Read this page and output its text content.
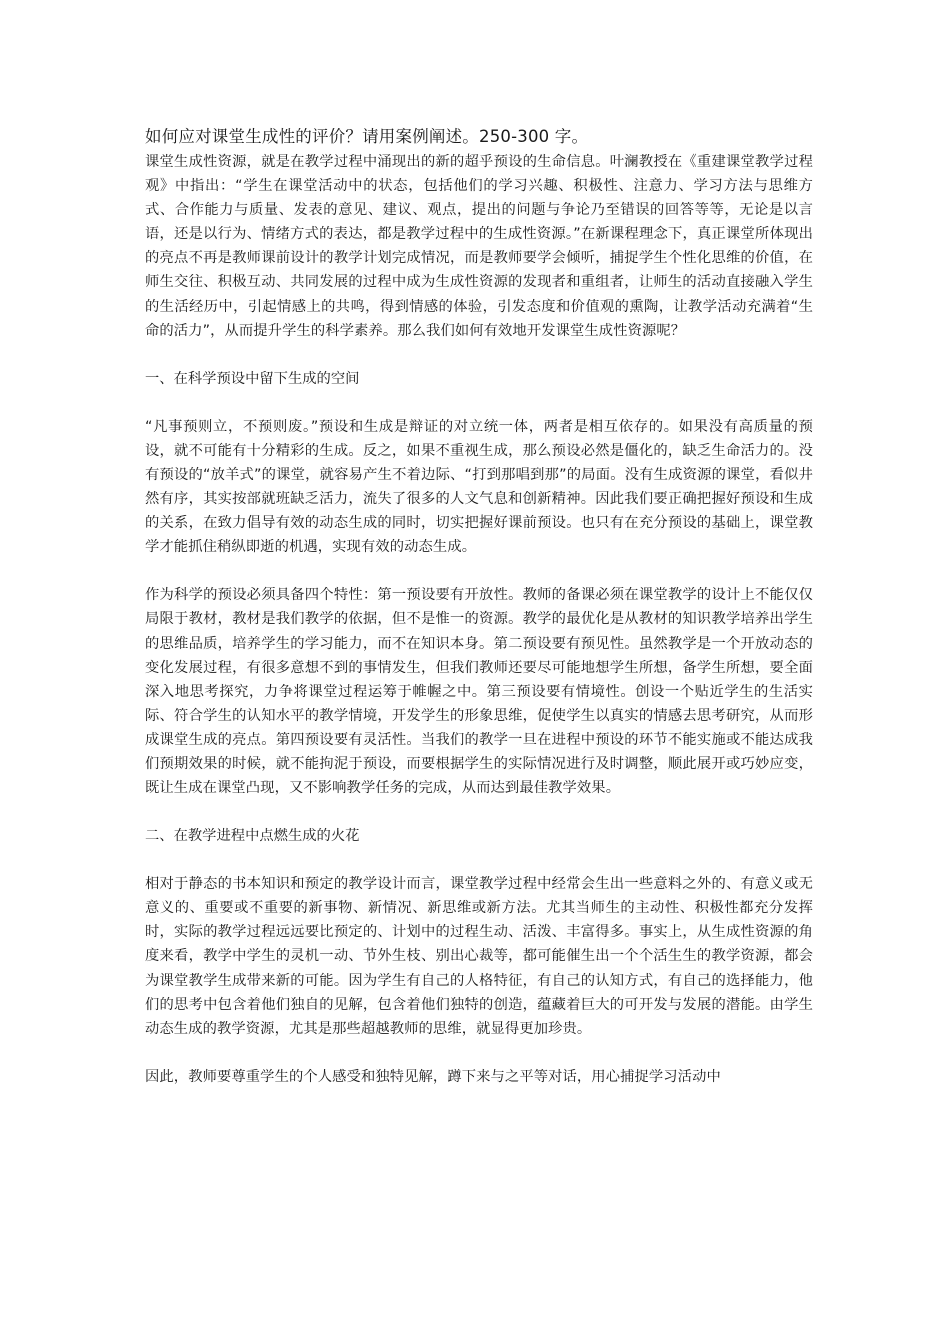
如何应对课堂生成性的评价？请用案例阐述。250-300 字。

课堂生成性资源，就是在教学过程中涌现出的新的超乎预设的生命信息。叶澜教授在《重建课堂教学过程观》中指出：“学生在课堂活动中的状态，包括他们的学习兴趣、积极性、注意力、学习方法与思维方式、合作能力与质量、发表的意见、建议、观点，提出的问题与争论乃至错误的回答等等，无论是以言语，还是以行为、情绪方式的表达，都是教学过程中的生成性资源。”在新课程理念下，真正课堂所体现出的亮点不再是教师课前设计的教学计划完成情况，而是教师要学会倾听，捕捉学生个性化思维的价值，在师生交往、积极互动、共同发展的过程中成为生成性资源的发现者和重组者，让师生的活动直接融入学生的生活经历中，引起情感上的共鸣，得到情感的体验，引发态度和价值观的熏陶，让教学活动充满着“生命的活力”，从而提升学生的科学素养。那么我们如何有效地开发课堂生成性资源呢？

一、在科学预设中留下生成的空间

“凡事预则立，不预则废。”预设和生成是辩证的对立统一体，两者是相互依存的。如果没有高质量的预设，就不可能有十分精彩的生成。反之，如果不重视生成，那么预设必然是僵化的，缺乏生命活力的。没有预设的“放羊式”的课堂，就容易产生不着边际、“打到那唱到那”的局面。没有生成资源的课堂，看似井然有序，其实按部就班缺乏活力，流失了很多的人文气息和创新精神。因此我们要正确把握好预设和生成的关系，在致力倡导有效的动态生成的同时，切实把握好课前预设。也只有在充分预设的基础上，课堂教学才能抓住稍纵即逝的机遇，实现有效的动态生成。

作为科学的预设必须具备四个特性：第一预设要有开放性。教师的备课必须在课堂教学的设计上不能仅仅局限于教材，教材是我们教学的依据，但不是惟一的资源。教学的最优化是从教材的知识教学培养出学生的思维品质，培养学生的学习能力，而不在知识本身。第二预设要有预见性。虽然教学是一个开放动态的变化发展过程，有很多意想不到的事情发生，但我们教师还要尽可能地想学生所想，备学生所想，要全面深入地思考探究，力争将课堂过程运筹于帷幄之中。第三预设要有情境性。创设一个贴近学生的生活实际、符合学生的认知水平的教学情境，开发学生的形象思维，促使学生以真实的情感去思考研究，从而形成课堂生成的亮点。第四预设要有灵活性。当我们的教学一旦在进程中预设的环节不能实施或不能达成我们预期效果的时候，就不能拘泥于预设，而要根据学生的实际情况进行及时调整，顺此展开或巧妙应变，既让生成在课堂凸现，又不影响教学任务的完成，从而达到最佳教学效果。

二、在教学进程中点燃生成的火花

相对于静态的书本知识和预定的教学设计而言，课堂教学过程中经常会生出一些意料之外的、有意义或无意义的、重要或不重要的新事物、新情况、新思维或新方法。尤其当师生的主动性、积极性都充分发挥时，实际的教学过程远远要比预定的、计划中的过程生动、活泼、丰富得多。事实上，从生成性资源的角度来看，教学中学生的灵机一动、节外生枝、别出心裁等，都可能催生出一个个活生生的教学资源，都会为课堂教学生成带来新的可能。因为学生有自己的人格特征，有自己的认知方式，有自己的选择能力，他们的思考中包含着他们独自的见解，包含着他们独特的创造，蕴藏着巨大的可开发与发展的潜能。由学生动态生成的教学资源，尤其是那些超越教师的思维，就显得更加珍贵。

因此，教师要尊重学生的个人感受和独特见解，蹲下来与之平等对话，用心捕捉学习活动中
